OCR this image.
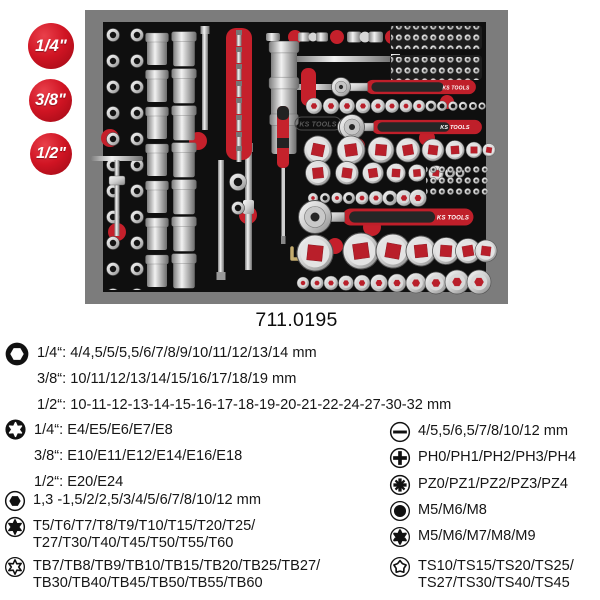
1/4"
3/8"
1/2"
KS TOOLS
KS TOOLS
KS TOOLS
KS TOOLS
711.0195
1/4“: 4/4,5/5/5,5/6/7/8/9/10/11/12/13/14 mm
3/8“: 10/11/12/13/14/15/16/17/18/19 mm
1/2“: 10-11-12-13-14-15-16-17-18-19-20-21-22-24-27-30-32 mm
1/4“: E4/E5/E6/E7/E8
3/8“: E10/E11/E12/E14/E16/E18
1/2“: E20/E24
1,3 -1,5/2/2,5/3/4/5/6/7/8/10/12 mm
T5/T6/T7/T8/T9/T10/T15/T20/T25/
T27/T30/T40/T45/T50/T55/T60
TB7/TB8/TB9/TB10/TB15/TB20/TB25/TB27/
TB30/TB40/TB45/TB50/TB55/TB60
4/5,5/6,5/7/8/10/12 mm
PH0/PH1/PH2/PH3/PH4
PZ0/PZ1/PZ2/PZ3/PZ4
M5/M6/M8
M5/M6/M7/M8/M9
TS10/TS15/TS20/TS25/
TS27/TS30/TS40/TS45
